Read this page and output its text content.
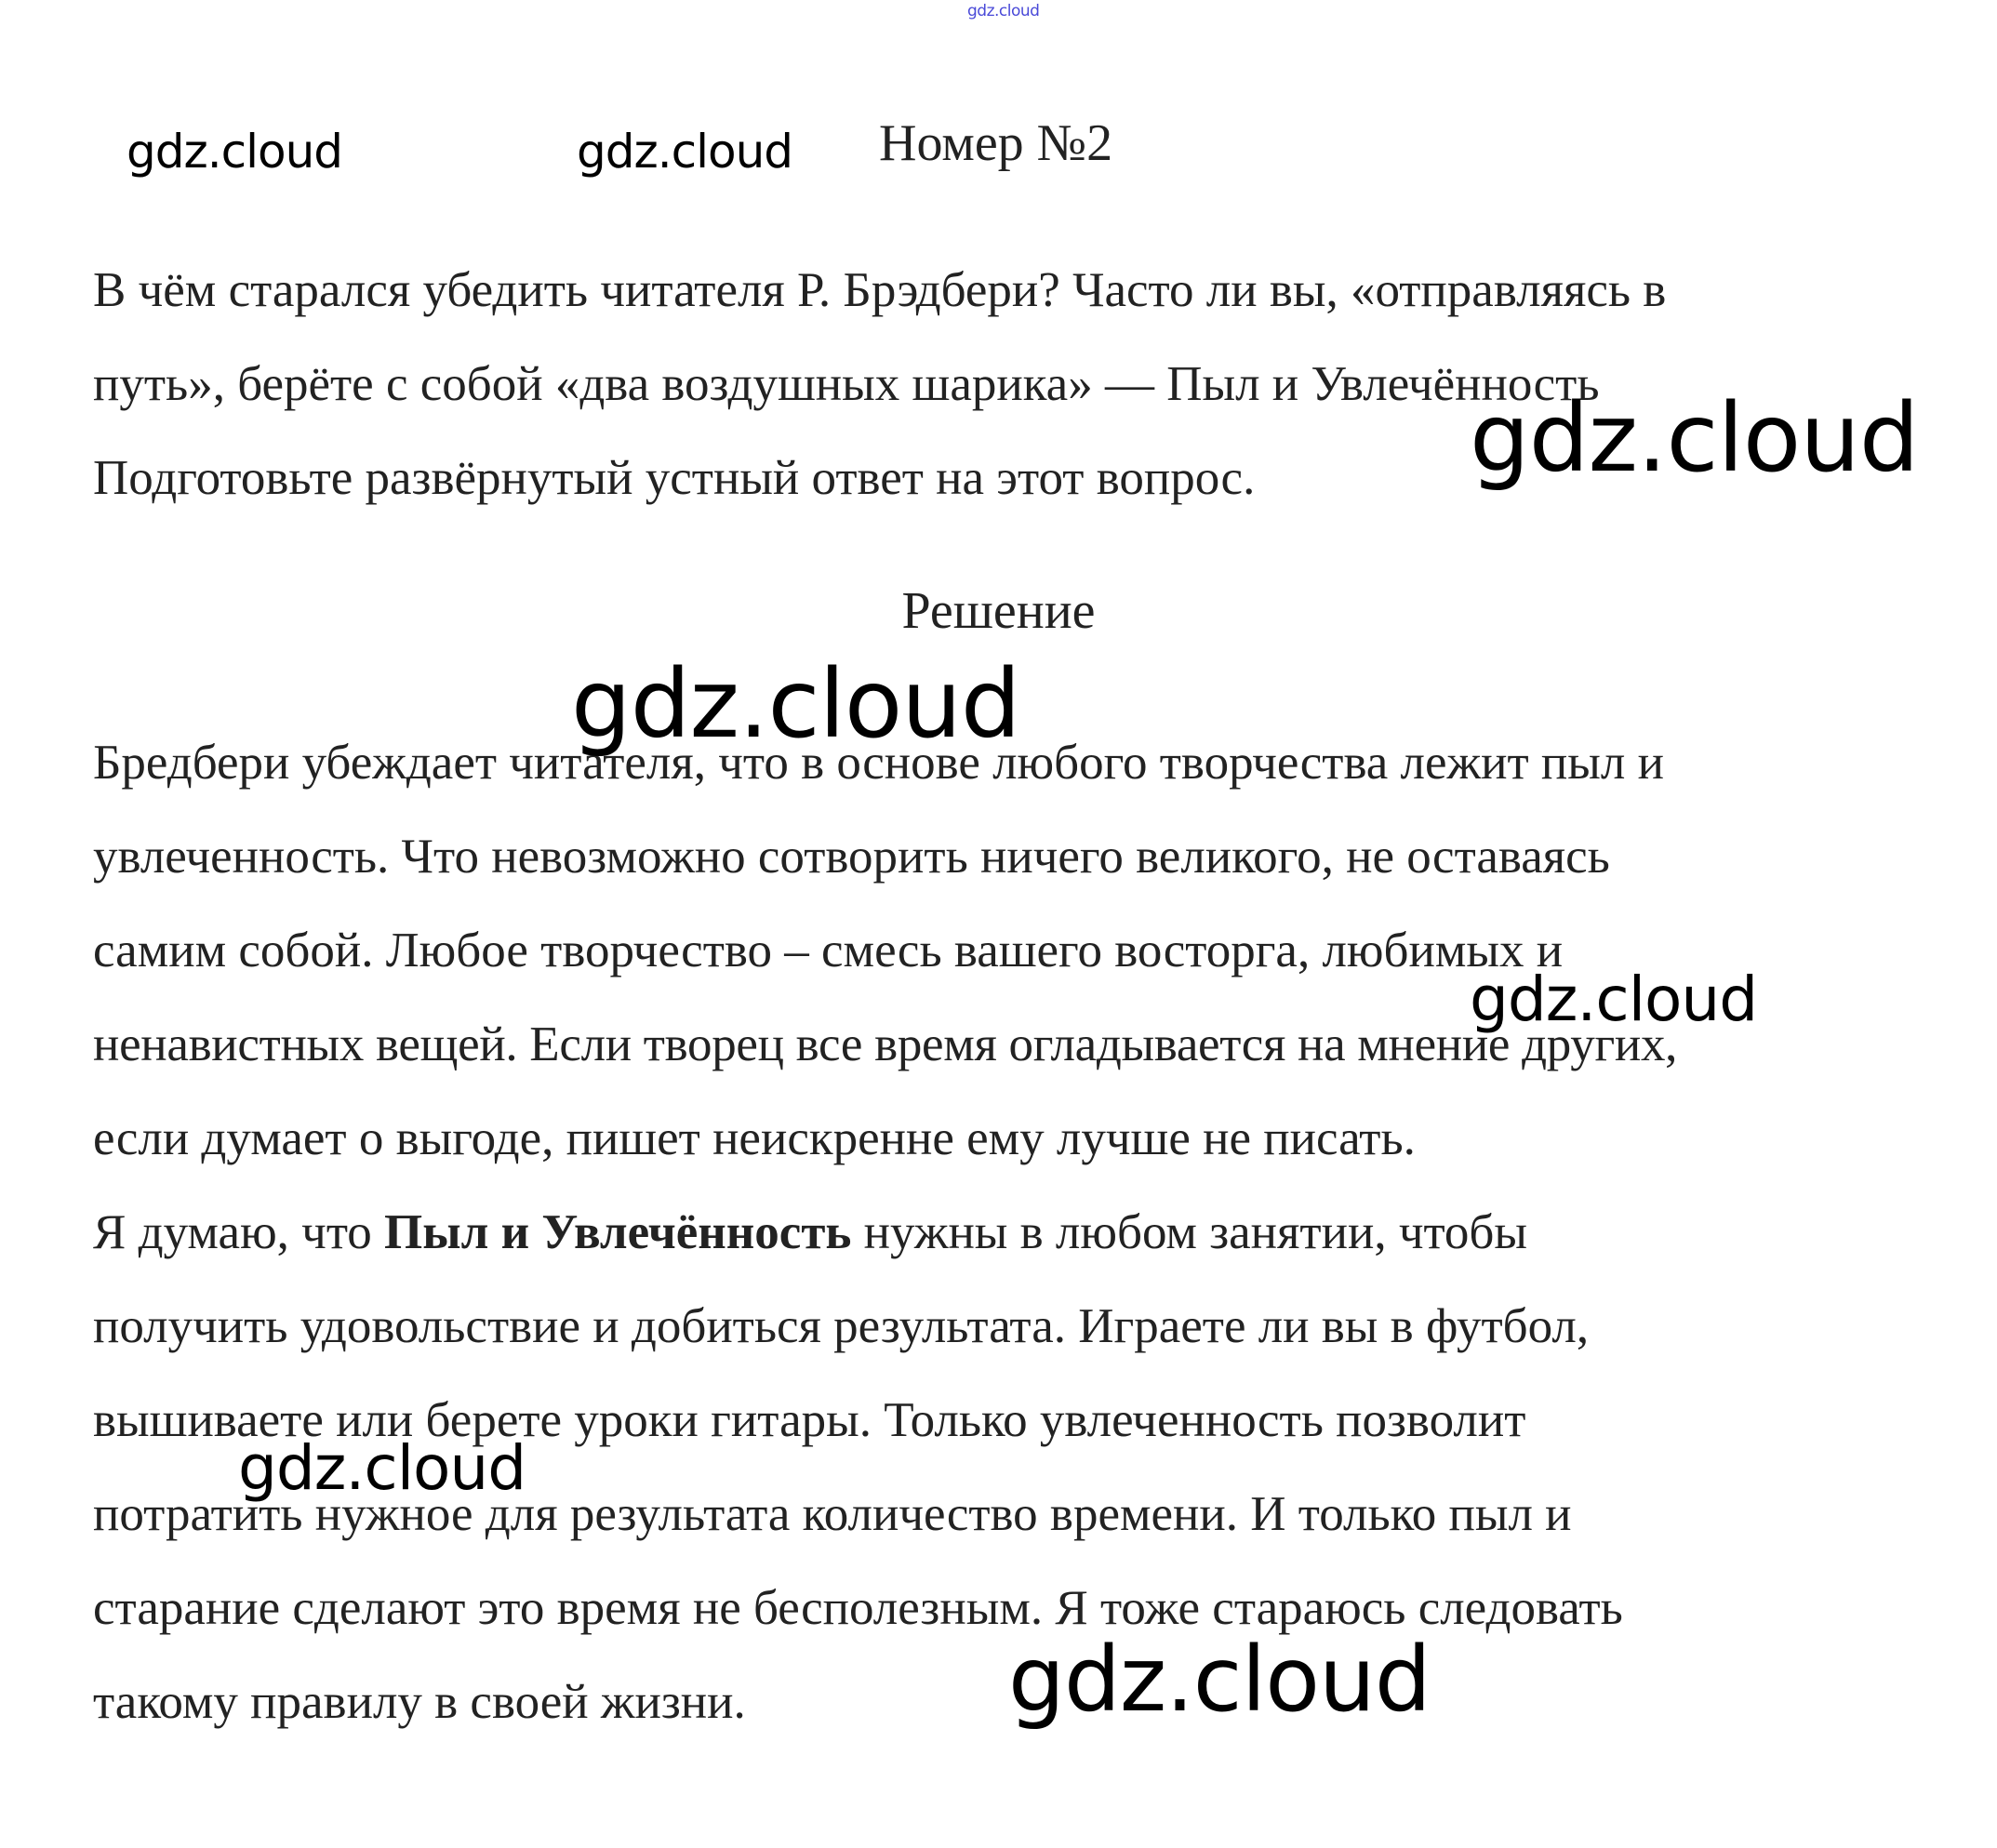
gdz.cloud
Номер №2
В чём старался убедить читателя Р. Брэдбери? Часто ли вы, «отправляясь в
путь», берёте с собой «два воздушных шарика» — Пыл и Увлечённость
Подготовьте развёрнутый устный ответ на этот вопрос.
Решение
Бредбери убеждает читателя, что в основе любого творчества лежит пыл и
увлеченность. Что невозможно сотворить ничего великого, не оставаясь
самим собой. Любое творчество – смесь вашего восторга, любимых и
ненавистных вещей. Если творец все время огладывается на мнение других,
если думает о выгоде, пишет неискренне ему лучше не писать.
Я думаю, что Пыл и Увлечённость нужны в любом занятии, чтобы
получить удовольствие и добиться результата. Играете ли вы в футбол,
вышиваете или берете уроки гитары. Только увлеченность позволит
потратить нужное для результата количество времени. И только пыл и
старание сделают это время не бесполезным. Я тоже стараюсь следовать
такому правилу в своей жизни.
gdz.cloud	gdz.cloud
gdz.cloud
gdz.cloud
gdz.cloud
gdz.cloud
gdz.cloud
